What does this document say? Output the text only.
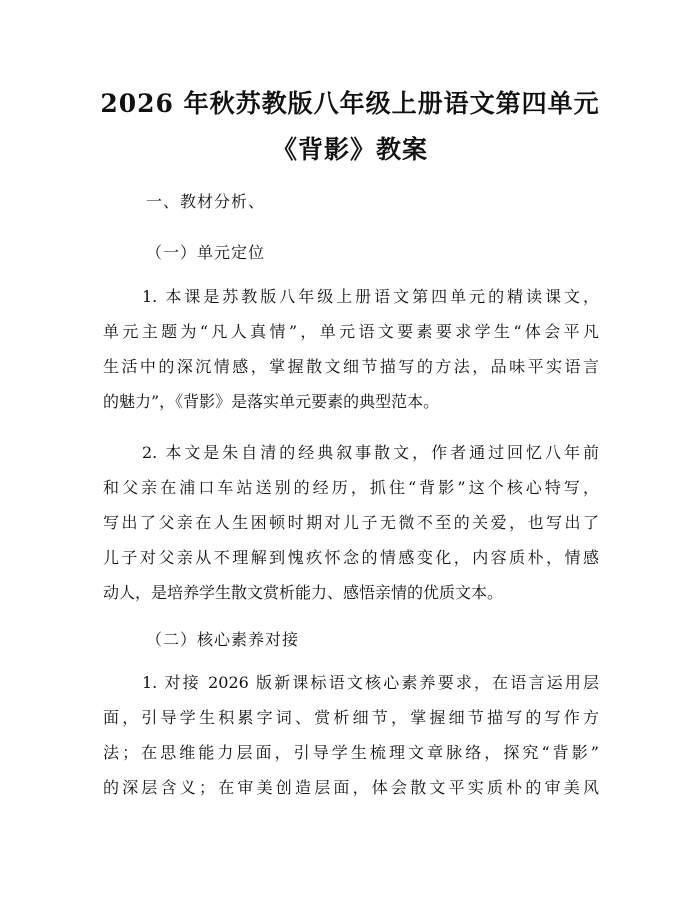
2026 年秋苏教版八年级上册语文第四单元
《背影》教案
一、教材分析、
（一）单元定位
1. 本课是苏教版八年级上册语文第四单元的精读课文，
单元主题为“凡人真情”，单元语文要素要求学生“体会平凡
生活中的深沉情感，掌握散文细节描写的方法，品味平实语言
的魅力”，《背影》是落实单元要素的典型范本。
2. 本文是朱自清的经典叙事散文，作者通过回忆八年前
和父亲在浦口车站送别的经历，抓住“背影”这个核心特写，
写出了父亲在人生困顿时期对儿子无微不至的关爱，也写出了
儿子对父亲从不理解到愧疚怀念的情感变化，内容质朴，情感
动人，是培养学生散文赏析能力、感悟亲情的优质文本。
（二）核心素养对接
1. 对接 2026 版新课标语文核心素养要求，在语言运用层
面，引导学生积累字词、赏析细节，掌握细节描写的写作方
法；在思维能力层面，引导学生梳理文章脉络，探究“背影”
的深层含义；在审美创造层面，体会散文平实质朴的审美风
